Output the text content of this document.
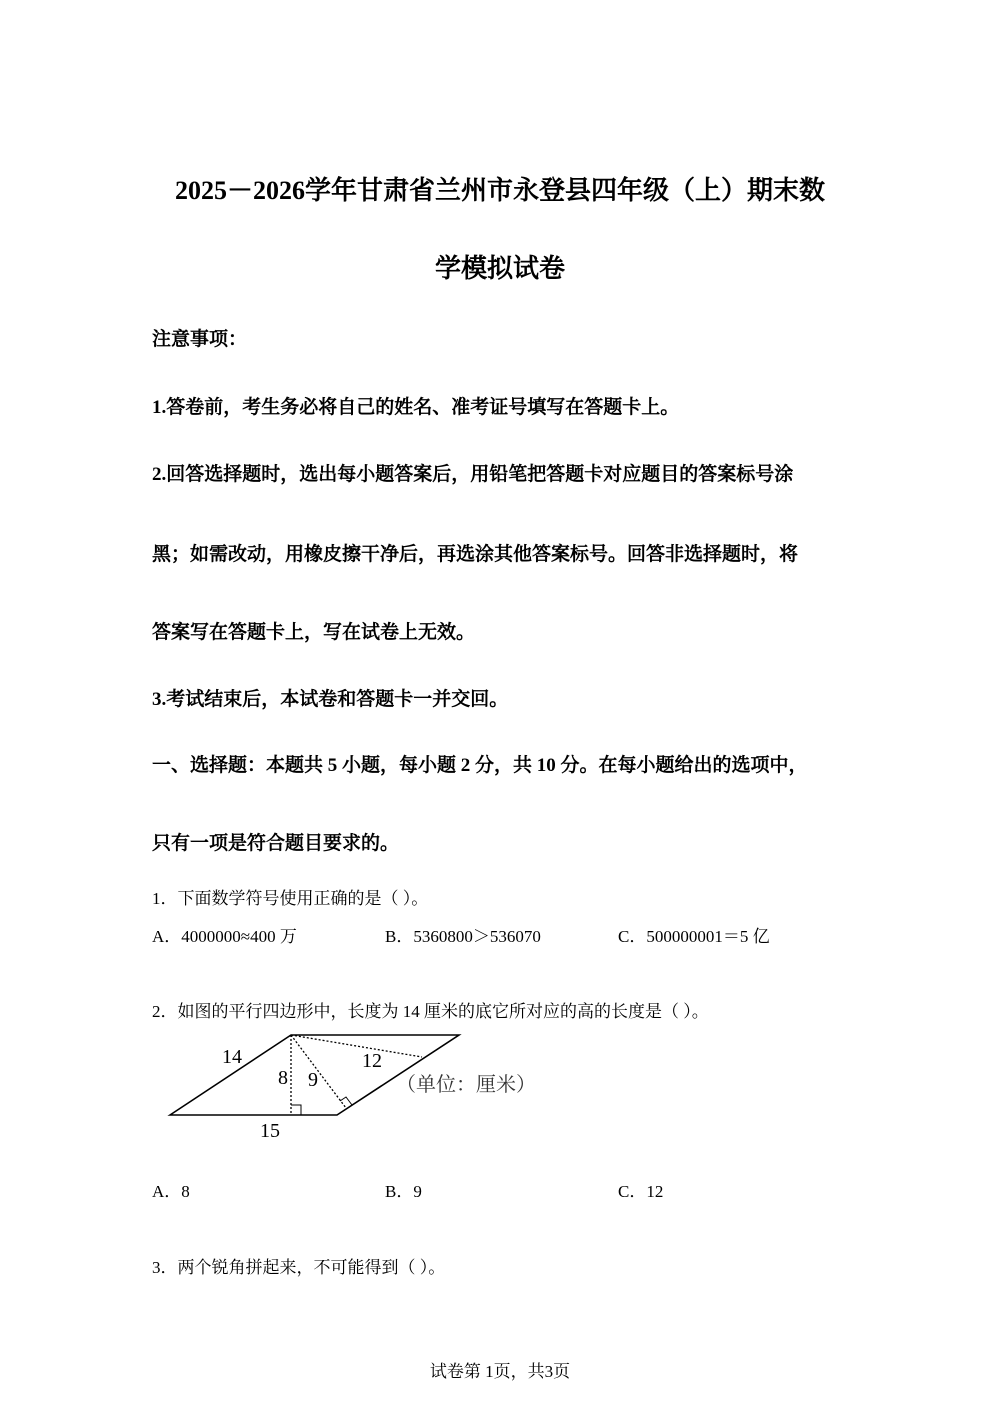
2025－2026学年甘肃省兰州市永登县四年级（上）期末数
学模拟试卷
注意事项：
1.答卷前，考生务必将自己的姓名、准考证号填写在答题卡上。
2.回答选择题时，选出每小题答案后，用铅笔把答题卡对应题目的答案标号涂
黑；如需改动，用橡皮擦干净后，再选涂其他答案标号。回答非选择题时，将
答案写在答题卡上，写在试卷上无效。
3.考试结束后，本试卷和答题卡一并交回。
一、选择题：本题共 5 小题，每小题 2 分，共 10 分。在每小题给出的选项中，
只有一项是符合题目要求的。
1．下面数学符号使用正确的是（ ）。
A．4000000≈400 万	B．5360800＞536070	C．500000001＝5 亿
2．如图的平行四边形中，长度为 14 厘米的底它所对应的高的长度是（ ）。
14
8 9
12
15
（单位：厘米）
A．8	B．9	C．12
3．两个锐角拼起来，不可能得到（ ）。
试卷第 1页，共3页
